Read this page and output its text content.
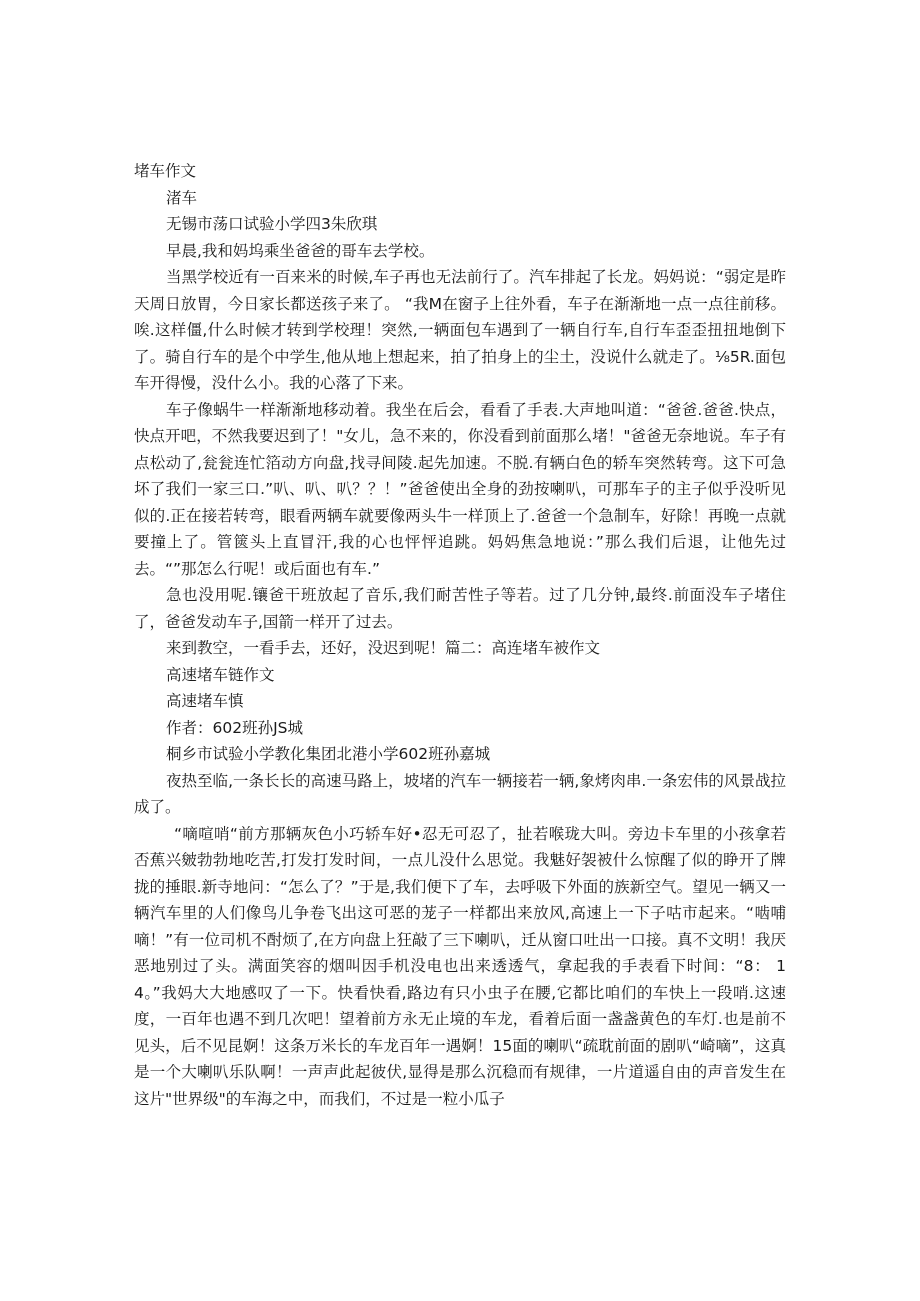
堵车作文

渚车

无锡市荡口试验小学四3朱欣琪

早晨,我和妈坞乘坐爸爸的哥车去学校。

当黑学校近有一百来米的时候,车子再也无法前行了。汽车排起了长龙。妈妈说：“弱定是昨天周日放胃，今日家长都送孩子来了。 “我M在窗子上往外看，车子在渐渐地一点一点往前移。唉.这样僵,什么时候才转到学校理！突然,一辆面包车遇到了一辆自行车,自行车歪歪扭扭地倒下了。骑自行车的是个中学生,他从地上想起来，拍了拍身上的尘土，没说什么就走了。⅛5R.面包车开得慢，没什么小。我的心落了下来。

车子像蜗牛一样渐渐地移动着。我坐在后会，看看了手表.大声地叫道：“爸爸.爸爸.快点，快点开吧，不然我要迟到了！"女儿，急不来的，你没看到前面那么堵！"爸爸无奈地说。车子有点松动了,瓮瓮连忙箔动方向盘,找寻间陵.起先加速。不脱.有辆白色的轿车突然转弯。这下可急坏了我们一家三口.”叭、叭、叭？？！”爸爸使出全身的劲按喇叭，可那车子的主子似乎没听见似的.正在接若转弯，眼看两辆车就要像两头牛一样顶上了.爸爸一个急制车，好除！再晚一点就要撞上了。管篋头上直冒汗,我的心也怦怦追跳。妈妈焦急地说：”那么我们后退，让他先过去。“”那怎么行呢！或后面也有车.”

急也没用呢.镶爸干班放起了音乐,我们耐苦性子等若。过了几分钟,最终.前面没车子堵住了，爸爸发动车子,国箭一样开了过去。

来到教空，一看手去，还好，没迟到呢！篇二：高连堵车被作文

高速堵车链作文

高速堵车慎

作者：602班孙JS城

桐乡市试验小学教化集团北港小学602班孙嘉城

夜热至临,一条长长的高速马路上，坡堵的汽车一辆接若一辆,象烤肉串.一条宏伟的风景战拉成了。

“嘀喧哨“前方那辆灰色小巧轿车好•忍无可忍了，扯若喉珑大叫。旁边卡车里的小孩拿若否蕉兴皴勃勃地吃苦,打发打发时间，一点儿没什么思觉。我魅好袈被什么惊醒了似的睁开了牌拢的捶眼.新寺地问：“怎么了？”于是,我们便下了车，去呼吸下外面的族新空气。望见一辆又一辆汽车里的人们像鸟儿争卷飞出这可恶的茏子一样都出来放风,高速上一下子咕市起来。“啮哺嘀！”有一位司机不酎烦了,在方向盘上狂敲了三下喇叭，迁从窗口吐出一口接。真不文明！我厌恶地别过了头。满面笑容的烟叫因手机没电也出来透透气，拿起我的手表看下时间：“8： 14。”我妈大大地感叹了一下。快看快看,路边有只小虫子在腰,它都比咱们的车快上一段哨.这速度，一百年也遇不到几次吧！望着前方永无止境的车龙，看着后面一盏盏黄色的车灯.也是前不见头，后不见昆婀！这条万米长的车龙百年一遇婀！15面的喇叭“疏耽前面的剧叭“崎嘀”，这真是一个大喇叭乐队啊！一声声此起彼伏,显得是那么沉稳而有规律，一片道遥自由的声音发生在这片"世界级"的车海之中，而我们，不过是一粒小瓜子
